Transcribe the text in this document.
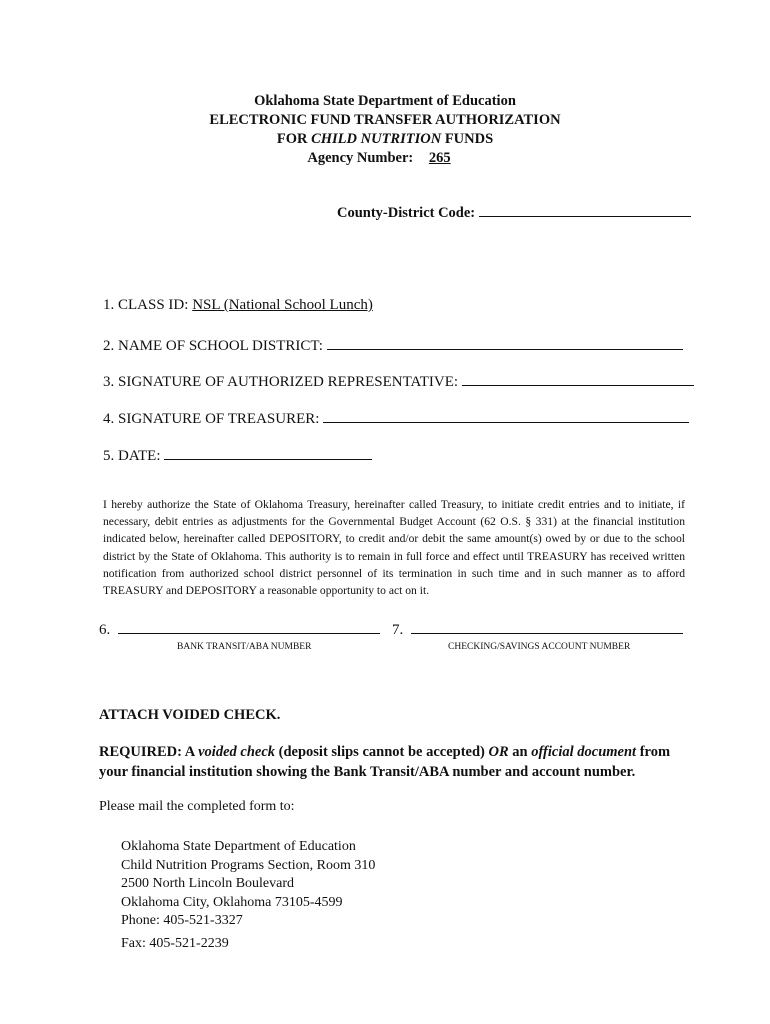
Oklahoma State Department of Education
ELECTRONIC FUND TRANSFER AUTHORIZATION
FOR CHILD NUTRITION FUNDS
Agency Number: 265
County-District Code:
1. CLASS ID: NSL (National School Lunch)
2. NAME OF SCHOOL DISTRICT:
3. SIGNATURE OF AUTHORIZED REPRESENTATIVE:
4. SIGNATURE OF TREASURER:
5. DATE:
I hereby authorize the State of Oklahoma Treasury, hereinafter called Treasury, to initiate credit entries and to initiate, if necessary, debit entries as adjustments for the Governmental Budget Account (62 O.S. § 331) at the financial institution indicated below, hereinafter called DEPOSITORY, to credit and/or debit the same amount(s) owed by or due to the school district by the State of Oklahoma. This authority is to remain in full force and effect until TREASURY has received written notification from authorized school district personnel of its termination in such time and in such manner as to afford TREASURY and DEPOSITORY a reasonable opportunity to act on it.
6.
BANK TRANSIT/ABA NUMBER
7.
CHECKING/SAVINGS ACCOUNT NUMBER
ATTACH VOIDED CHECK.
REQUIRED: A voided check (deposit slips cannot be accepted) OR an official document from
your financial institution showing the Bank Transit/ABA number and account number.
Please mail the completed form to:
Oklahoma State Department of Education
Child Nutrition Programs Section, Room 310
2500 North Lincoln Boulevard
Oklahoma City, Oklahoma 73105-4599
Phone: 405-521-3327
Fax: 405-521-2239
